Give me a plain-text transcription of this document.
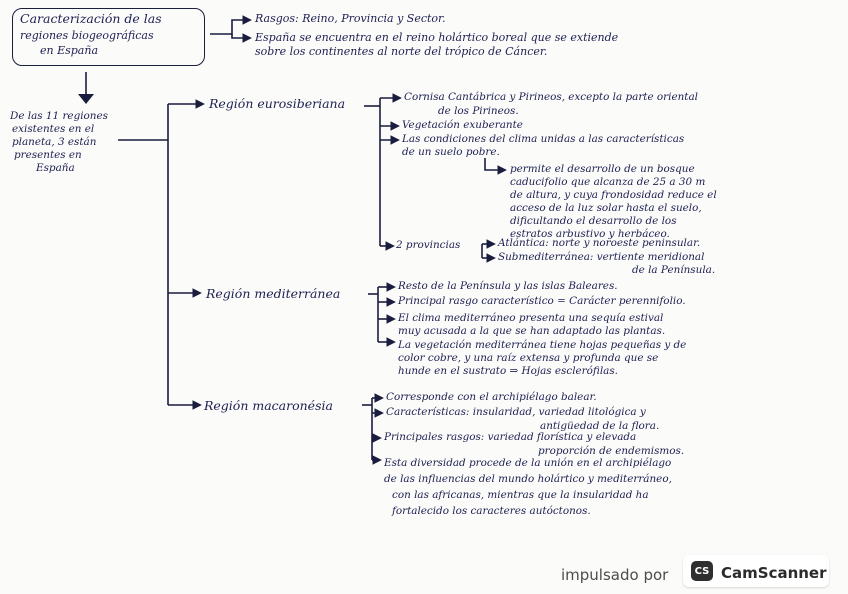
Caracterización de las
regiones biogeográficas
en España
Rasgos: Reino, Provincia y Sector.
España se encuentra en el reino holártico boreal que se extiende
sobre los continentes al norte del trópico de Cáncer.
De las 11 regiones
existentes en el
planeta, 3 están
presentes en
España
Región eurosiberiana	Cornisa Cantábrica y Pirineos, excepto la parte oriental
de los Pirineos.
Vegetación exuberante
Las condiciones del clima unidas a las características
de un suelo pobre.
permite el desarrollo de un bosque
caducifolio que alcanza de 25 a 30 m
de altura, y cuya frondosidad reduce el
acceso de la luz solar hasta el suelo,
dificultando el desarrollo de los
estratos arbustivo y herbáceo.
2 provincias	Atlántica: norte y noroeste peninsular.
Submediterránea: vertiente meridional
de la Península.
Región mediterránea	Resto de la Península y las islas Baleares.
Principal rasgo característico = Carácter perennifolio.
El clima mediterráneo presenta una sequía estival
muy acusada a la que se han adaptado las plantas.
La vegetación mediterránea tiene hojas pequeñas y de
color cobre, y una raíz extensa y profunda que se
hunde en el sustrato ⇒ Hojas esclerófilas.
Región macaronésia
Corresponde con el archipiélago balear.
Características: insularidad, variedad litológica y
antigüedad de la flora.
Principales rasgos: variedad florística y elevada
proporción de endemismos.
Esta diversidad procede de la unión en el archipiélago
de las influencias del mundo holártico y mediterráneo,
con las africanas, mientras que la insularidad ha
fortalecido los caracteres autóctonos.
impulsado por	CS CamScanner
